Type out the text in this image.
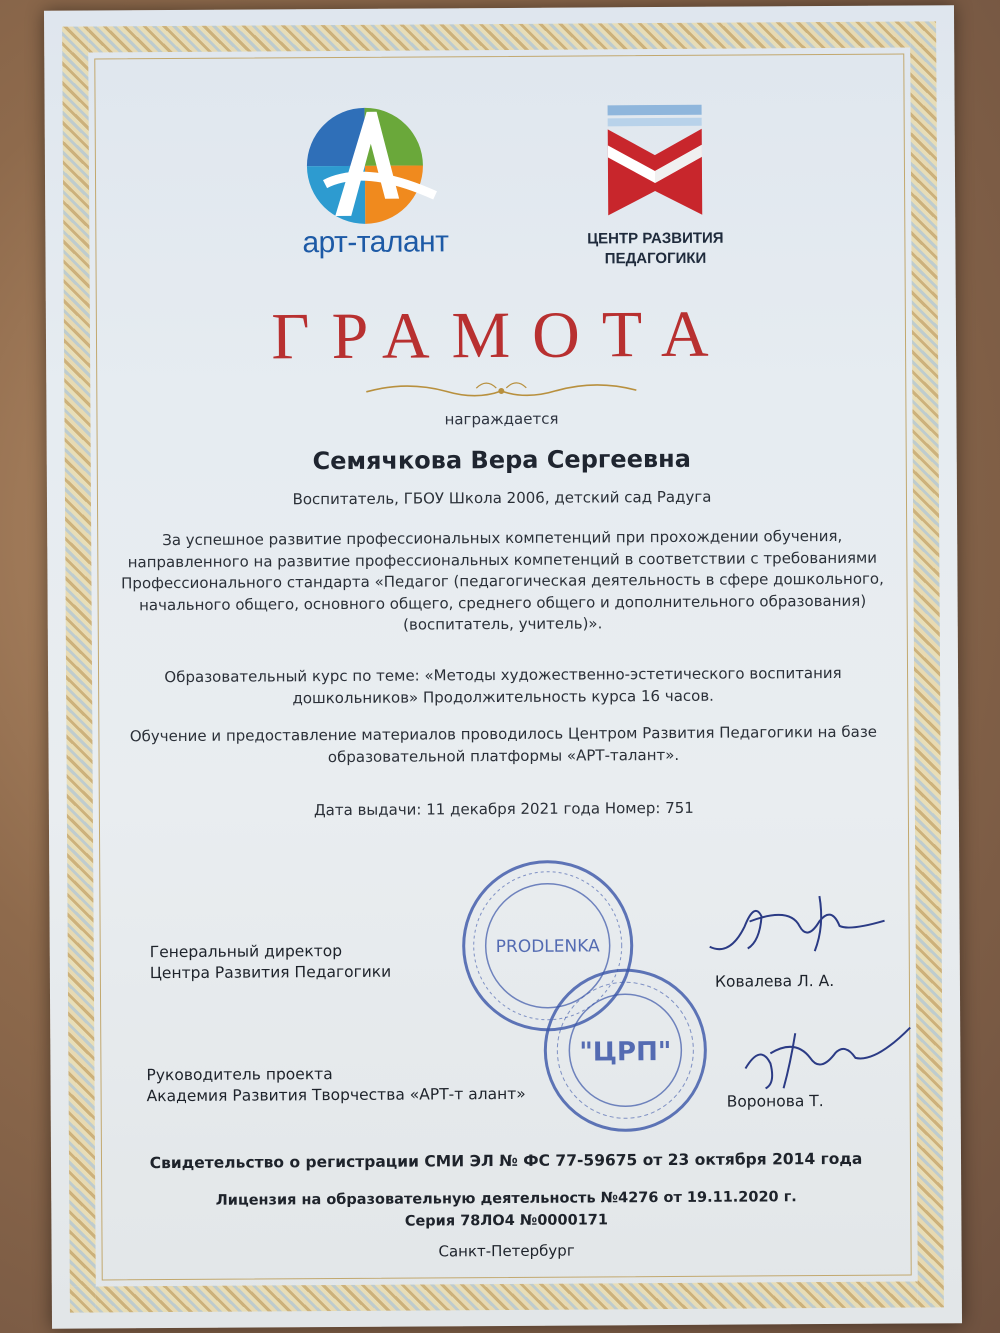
арт-талант	ЦЕНТР РАЗВИТИЯ
ПЕДАГОГИКИ
ГРАМОТА
награждается
Семячкова Вера Сергеевна
Воспитатель, ГБОУ Школа 2006, детский сад Радуга
За успешное развитие профессиональных компетенций при прохождении обучения, направленного на развитие профессиональных компетенций в соответствии с требованиями Профессионального стандарта «Педагог (педагогическая деятельность в сфере дошкольного, начального общего, основного общего, среднего общего и дополнительного образования) (воспитатель, учитель)».
Образовательный курс по теме: «Методы художественно-эстетического воспитания дошкольников» Продолжительность курса 16 часов.
Обучение и предоставление материалов проводилось Центром Развития Педагогики на базе образовательной платформы «АРТ-талант».
Дата выдачи: 11 декабря 2021 года Номер: 751
Генеральный директор
Центра Развития Педагогики	Ковалева Л. А.
Руководитель проекта
Академия Развития Творчества «АРТ-т алант»	Воронова Т.
PRODLENKA
"ЦРП"
Свидетельство о регистрации СМИ ЭЛ № ФС 77-59675 от 23 октября 2014 года
Лицензия на образовательную деятельность №4276 от 19.11.2020 г.
Серия 78ЛО4 №0000171
Санкт-Петербург
